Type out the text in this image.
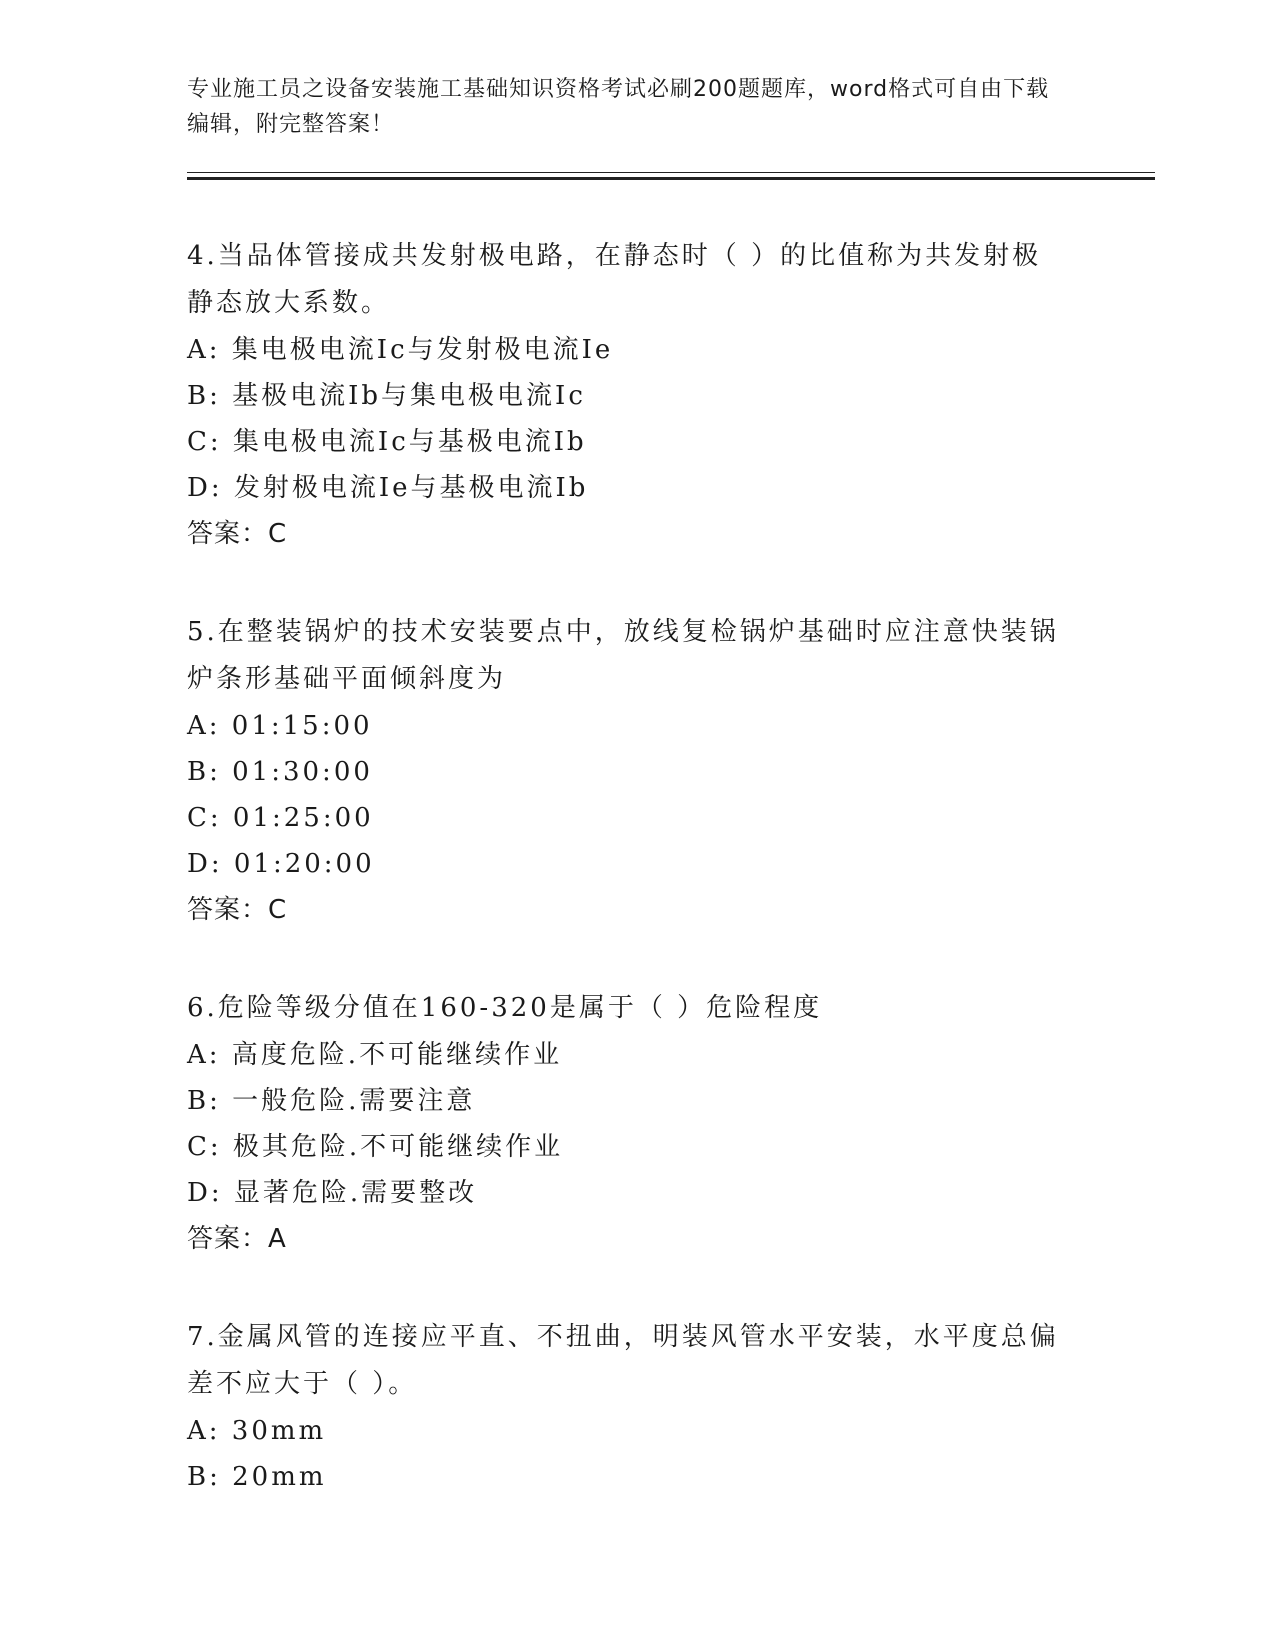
专业施工员之设备安装施工基础知识资格考试必刷200题题库，word格式可自由下载编辑，附完整答案！

4.当品体管接成共发射极电路，在静态时（ ）的比值称为共发射极静态放大系数。

A: 集电极电流Ic与发射极电流Ie

B: 基极电流Ib与集电极电流Ic

C: 集电极电流Ic与基极电流Ib

D: 发射极电流Ie与基极电流Ib

答案：C

5.在整装锅炉的技术安装要点中，放线复检锅炉基础时应注意快装锅炉条形基础平面倾斜度为

A: 01:15:00

B: 01:30:00

C: 01:25:00

D: 01:20:00

答案：C

6.危险等级分值在160-320是属于（ ）危险程度

A: 高度危险.不可能继续作业

B: 一般危险.需要注意

C: 极其危险.不可能继续作业

D: 显著危险.需要整改

答案：A

7.金属风管的连接应平直、不扭曲，明装风管水平安装，水平度总偏差不应大于（ ）。

A: 30mm

B: 20mm
